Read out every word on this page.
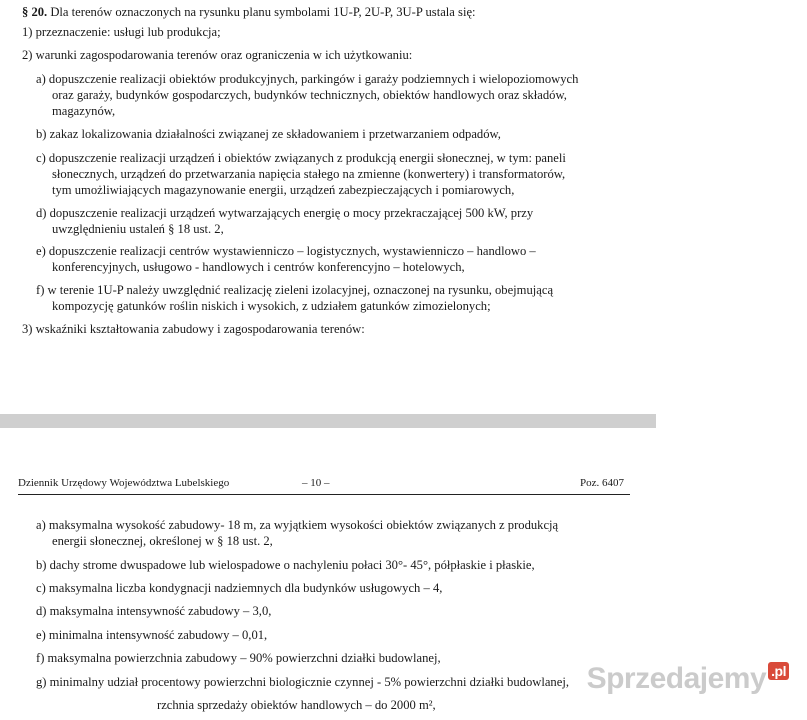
§ 20. Dla terenów oznaczonych na rysunku planu symbolami 1U-P, 2U-P, 3U-P ustala się:
1) przeznaczenie: usługi lub produkcja;
2) warunki zagospodarowania terenów oraz ograniczenia w ich użytkowaniu:
a) dopuszczenie realizacji obiektów produkcyjnych, parkingów i garaży podziemnych i wielopoziomowych
oraz garaży, budynków gospodarczych, budynków technicznych, obiektów handlowych oraz składów,
magazynów,
b) zakaz lokalizowania działalności związanej ze składowaniem i przetwarzaniem odpadów,
c) dopuszczenie realizacji urządzeń i obiektów związanych z produkcją energii słonecznej, w tym: paneli
słonecznych, urządzeń do przetwarzania napięcia stałego na zmienne (konwertery) i transformatorów,
tym umożliwiających magazynowanie energii, urządzeń zabezpieczających i pomiarowych,
d) dopuszczenie realizacji urządzeń wytwarzających energię o mocy przekraczającej 500 kW, przy
uwzględnieniu ustaleń § 18 ust. 2,
e) dopuszczenie realizacji centrów wystawienniczo – logistycznych, wystawienniczo – handlowo –
konferencyjnych, usługowo - handlowych i centrów konferencyjno – hotelowych,
f) w terenie 1U-P należy uwzględnić realizację zieleni izolacyjnej, oznaczonej na rysunku, obejmującą
kompozycję gatunków roślin niskich i wysokich, z udziałem gatunków zimozielonych;
3) wskaźniki kształtowania zabudowy i zagospodarowania terenów:
Dziennik Urzędowy Województwa Lubelskiego	– 10 –	Poz. 6407
a) maksymalna wysokość zabudowy- 18 m, za wyjątkiem wysokości obiektów związanych z produkcją
energii słonecznej, określonej w § 18 ust. 2,
b) dachy strome dwuspadowe lub wielospadowe o nachyleniu połaci 30°- 45°, półpłaskie i płaskie,
c) maksymalna liczba kondygnacji nadziemnych dla budynków usługowych – 4,
d) maksymalna intensywność zabudowy – 3,0,
e) minimalna intensywność zabudowy – 0,01,
f) maksymalna powierzchnia zabudowy – 90% powierzchni działki budowlanej,
g) minimalny udział procentowy powierzchni biologicznie czynnej - 5% powierzchni działki budowlanej,
rzchnia sprzedaży obiektów handlowych – do 2000 m²,
Sprzedajemy $^{.pl}$
